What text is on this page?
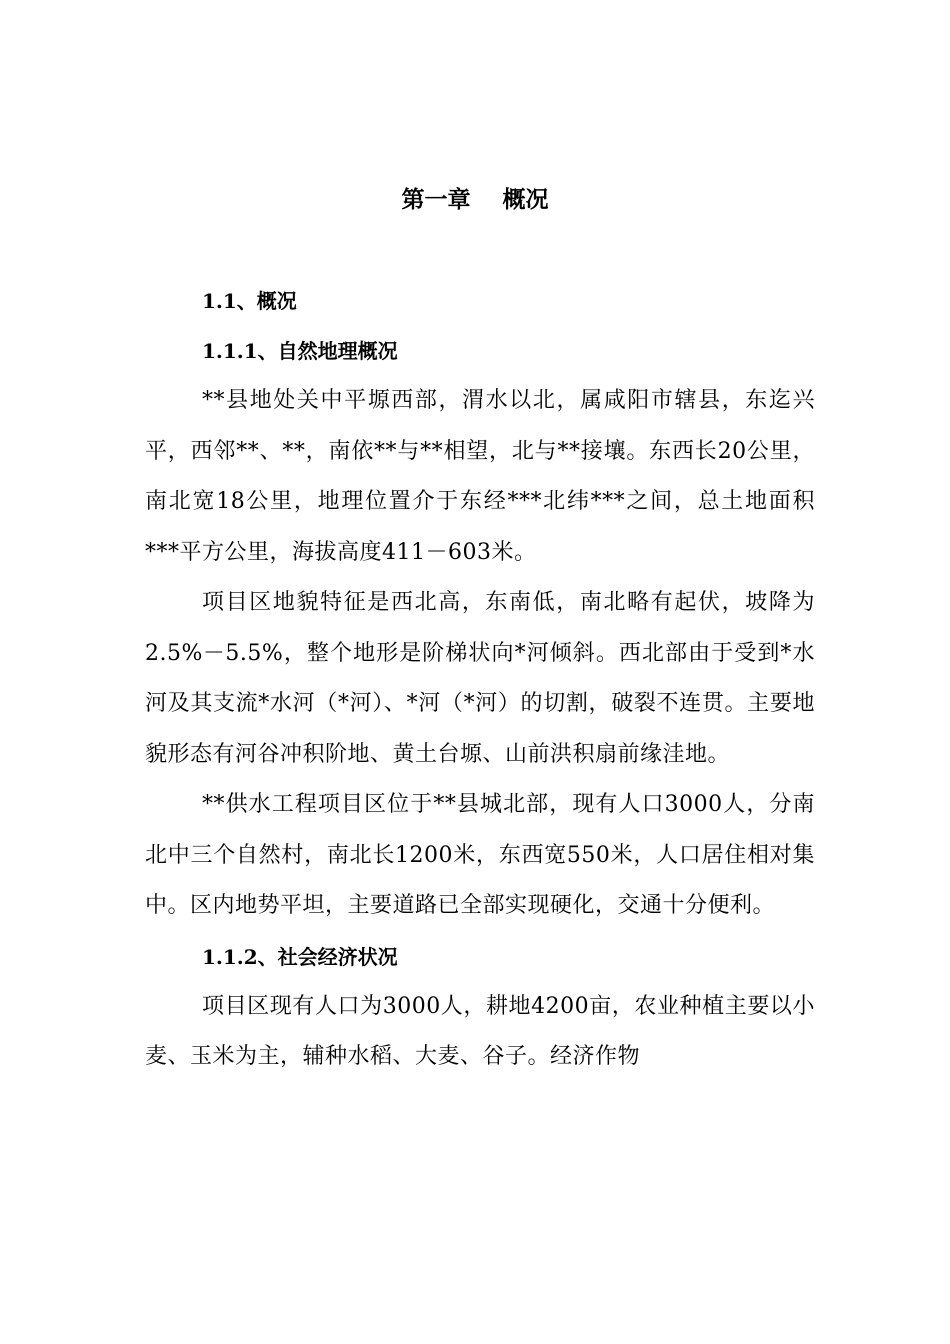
第一章    概况

1.1、概况

1.1.1、自然地理概况

**县地处关中平塬西部，渭水以北，属咸阳市辖县，东迄兴平，西邻**、**，南依**与**相望，北与**接壤。东西长20公里，南北宽18公里，地理位置介于东经***北纬***之间，总土地面积***平方公里，海拔高度411－603米。

项目区地貌特征是西北高，东南低，南北略有起伏，坡降为2.5%－5.5%，整个地形是阶梯状向*河倾斜。西北部由于受到*水河及其支流*水河（*河）、*河（*河）的切割，破裂不连贯。主要地貌形态有河谷冲积阶地、黄土台塬、山前洪积扇前缘洼地。

**供水工程项目区位于**县城北部，现有人口3000人，分南北中三个自然村，南北长1200米，东西宽550米，人口居住相对集中。区内地势平坦，主要道路已全部实现硬化，交通十分便利。

1.1.2、社会经济状况

项目区现有人口为3000人，耕地4200亩，农业种植主要以小麦、玉米为主，辅种水稻、大麦、谷子。经济作物
